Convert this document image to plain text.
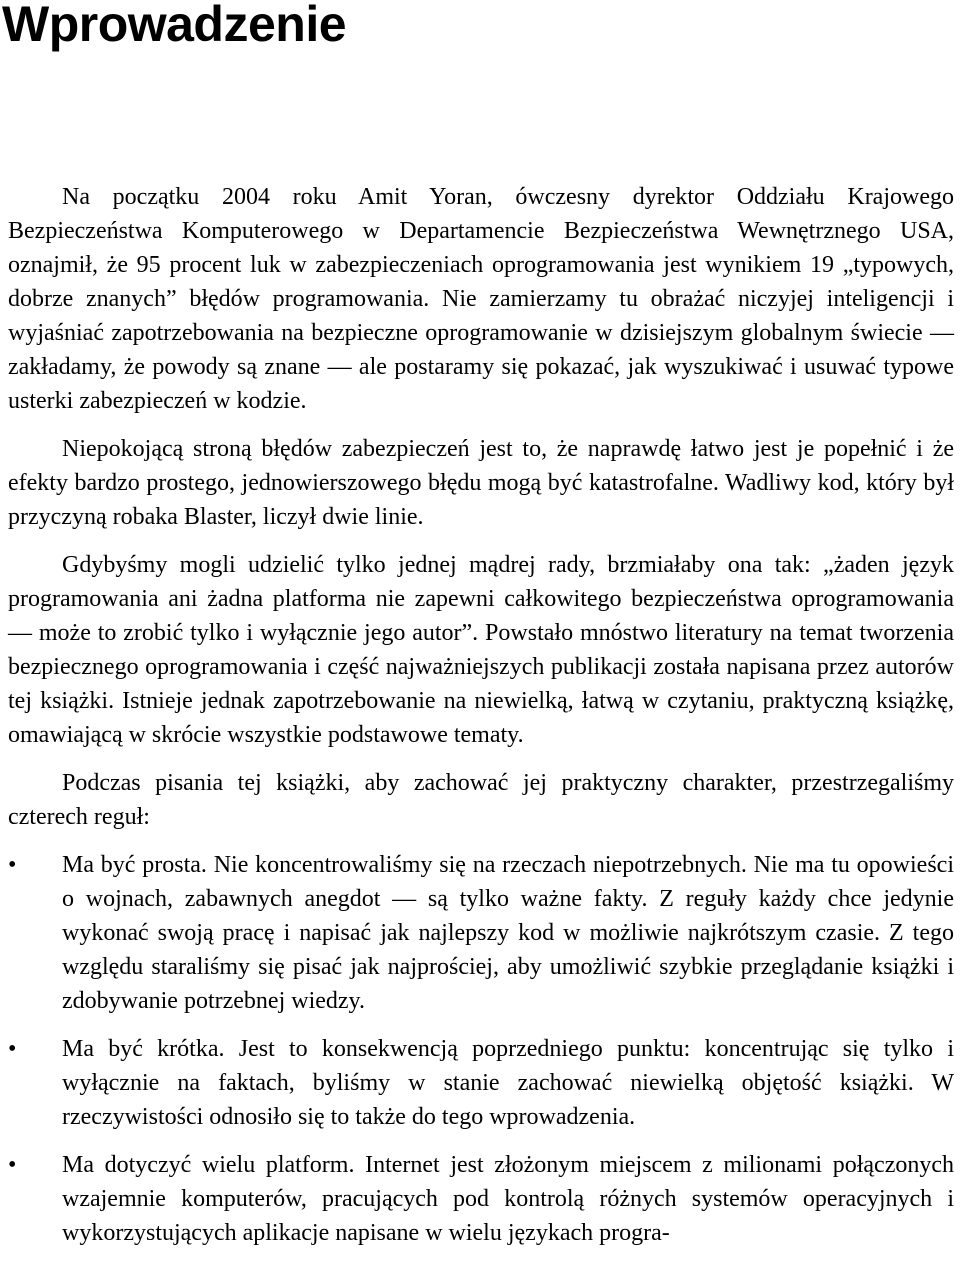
Wprowadzenie

Na początku 2004 roku Amit Yoran, ówczesny dyrektor Oddziału Krajowego Bezpieczeństwa Komputerowego w Departamencie Bezpieczeństwa Wewnętrznego USA, oznajmił, że 95 procent luk w zabezpieczeniach oprogramowania jest wynikiem 19 „typowych, dobrze znanych” błędów programowania. Nie zamierzamy tu obrażać niczyjej inteligencji i wyjaśniać zapotrzebowania na bezpieczne oprogramowanie w dzisiejszym globalnym świecie — zakładamy, że powody są znane — ale postaramy się pokazać, jak wyszukiwać i usuwać typowe usterki zabezpieczeń w kodzie.

Niepokojącą stroną błędów zabezpieczeń jest to, że naprawdę łatwo jest je popełnić i że efekty bardzo prostego, jednowierszowego błędu mogą być katastrofalne. Wadliwy kod, który był przyczyną robaka Blaster, liczył dwie linie.

Gdybyśmy mogli udzielić tylko jednej mądrej rady, brzmiałaby ona tak: „żaden język programowania ani żadna platforma nie zapewni całkowitego bezpieczeństwa oprogramowania — może to zrobić tylko i wyłącznie jego autor”. Powstało mnóstwo literatury na temat tworzenia bezpiecznego oprogramowania i część najważniejszych publikacji została napisana przez autorów tej książki. Istnieje jednak zapotrzebowanie na niewielką, łatwą w czytaniu, praktyczną książkę, omawiającą w skrócie wszystkie podstawowe tematy.

Podczas pisania tej książki, aby zachować jej praktyczny charakter, przestrzegaliśmy czterech reguł:

•	Ma być prosta. Nie koncentrowaliśmy się na rzeczach niepotrzebnych. Nie ma tu opowieści o wojnach, zabawnych anegdot — są tylko ważne fakty. Z reguły każdy chce jedynie wykonać swoją pracę i napisać jak najlepszy kod w możliwie najkrótszym czasie. Z tego względu staraliśmy się pisać jak najprościej, aby umożliwić szybkie przeglądanie książki i zdobywanie potrzebnej wiedzy.
•	Ma być krótka. Jest to konsekwencją poprzedniego punktu: koncentrując się tylko i wyłącznie na faktach, byliśmy w stanie zachować niewielką objętość książki. W rzeczywistości odnosiło się to także do tego wprowadzenia.
•	Ma dotyczyć wielu platform. Internet jest złożonym miejscem z milionami połączonych wzajemnie komputerów, pracujących pod kontrolą różnych systemów operacyjnych i wykorzystujących aplikacje napisane w wielu językach progra-
